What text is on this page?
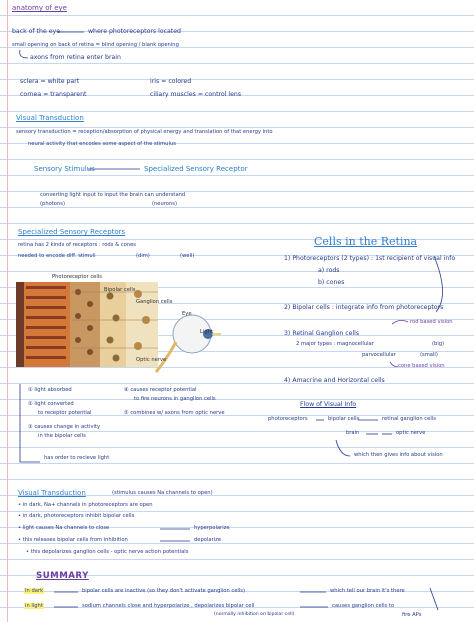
anatomy of eye
back of the eye	where photoreceptors located
small opening on back of retina = blind opening / blank opening
axons from retina enter brain
sclera = white part	iris = colored
cornea = transparent	ciliary muscles = control lens
Visual Transduction
sensory transduction = reception/absorption of physical energy and translation of that energy into
neural activity that encodes some aspect of the stimulus
Sensory Stimulus	Specialized Sensory Receptor
converting light input to input the brain can understand
(photons)	(neurons)
Specialized Sensory Receptors
retina has 2 kinds of receptors : rods & cones
needed to encode diff. stimuli	(dim)	(well)
Cells in the Retina
1) Photoreceptors (2 types) : 1st recipient of visual info
a) rods
b) cones
2) Bipolar cells : integrate info from photoreceptors
3) Retinal Ganglion cells
rod based vision
2 major types : magnocellular	(big)
parvocellular	(small)
cone based vision
4) Amacrine and Horizontal cells
Flow of Visual Info
photoreceptors	bipolar cells	retinal ganglion cells
brain	optic nerve
which then gives info about vision
Photoreceptor cells
Bipolar cells
Ganglion cells
Eye
Light
Optic nerve
① light absorbed
② light converted
to receptor potential
③ causes change in activity
in the bipolar cells
④ causes receptor potential
to fire neurons in ganglion cells
⑤ combines w/ axons from optic nerve
has order to recieve light
Visual Transduction	(stimulus causes Na channels to open)
• in dark, Na+ channels in photoreceptors are open
• in dark, photoreceptors inhibit bipolar cells
• light causes Na channels to close	hyperpolarize
• this releases bipolar cells from inhibition	depolarize
• this depolarizes ganglion cells - optic nerve action potentials
SUMMARY
In dark	bipolar cells are inactive (so they don't activate ganglion cells)	which tell our brain it's there
in light	sodium channels close and hyperpolarize , depolarizes bipolar cell	causes ganglion cells to
fire APs
(normally inhibition on bipolar cell)
